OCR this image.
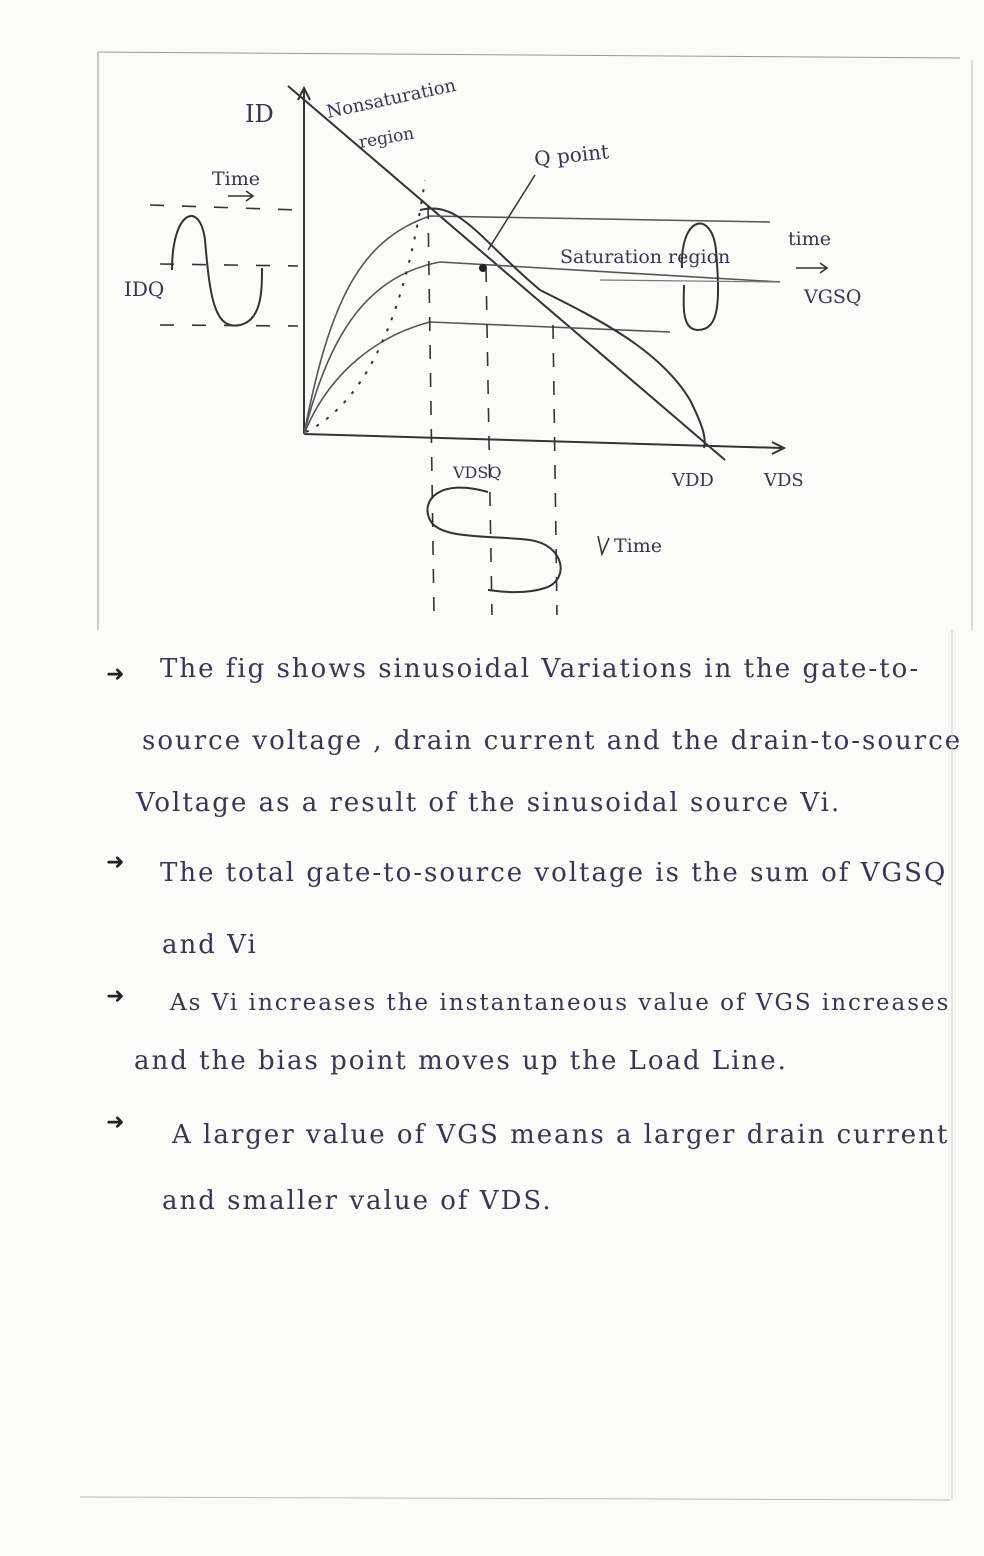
ID	Nonsaturation
region
Q point
Time
time
Saturation region
IDQ	VGSQ
VDSQ	VDD	VDS
Time
➜ The fig shows sinusoidal Variations in the gate-to-
source voltage , drain current and the drain-to-source
Voltage as a result of the sinusoidal source Vi.
➜ The total gate-to-source voltage is the sum of VGSQ
and Vi
➜ As Vi increases the instantaneous value of VGS increases
and the bias point moves up the Load Line.
➜ A larger value of VGS means a larger drain current
and smaller value of VDS.
